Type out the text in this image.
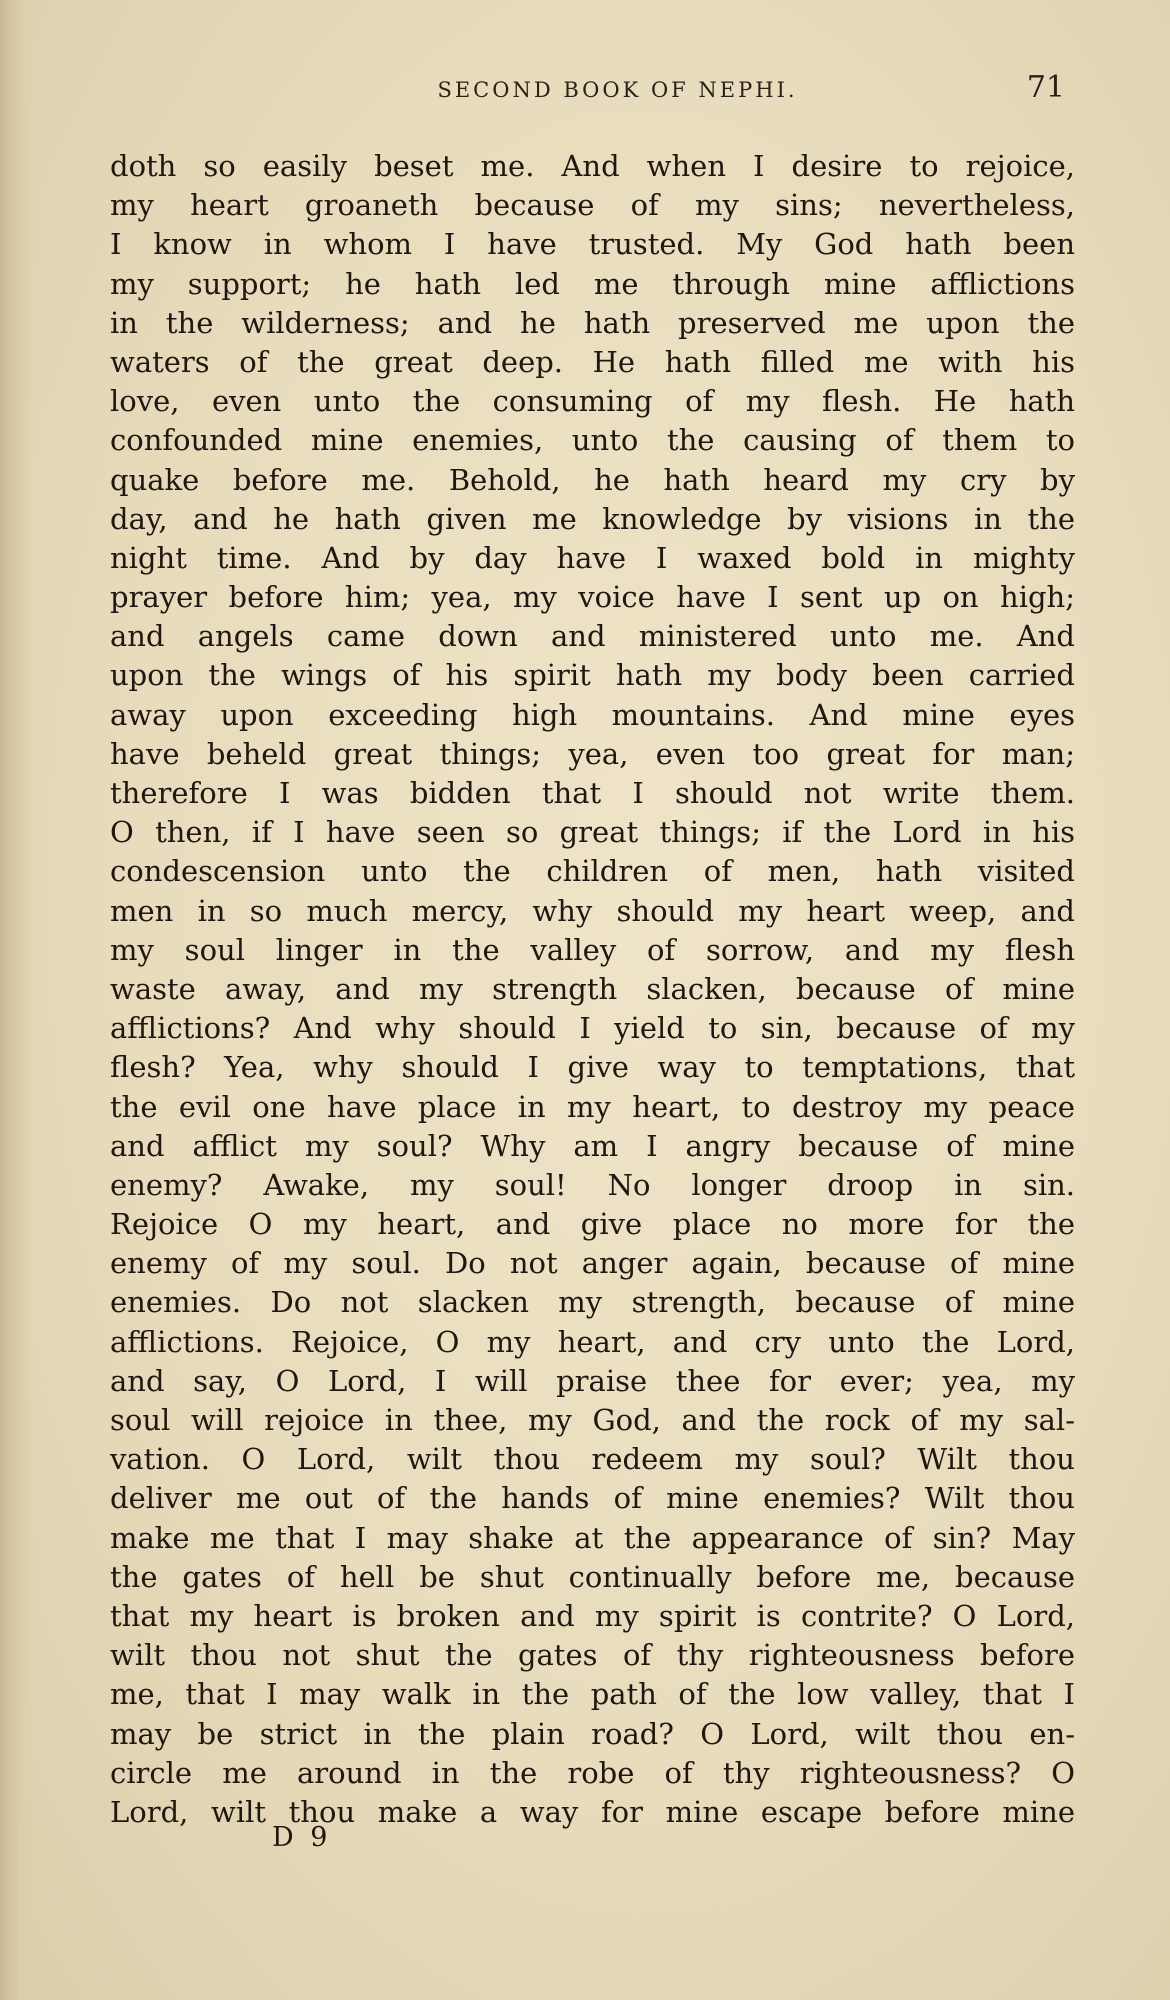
SECOND BOOK OF NEPHI.	71
doth so easily beset me. And when I desire to rejoice,
my heart groaneth because of my sins; nevertheless,
I know in whom I have trusted. My God hath been
my support; he hath led me through mine afflictions
in the wilderness; and he hath preserved me upon the
waters of the great deep. He hath filled me with his
love, even unto the consuming of my flesh. He hath
confounded mine enemies, unto the causing of them to
quake before me. Behold, he hath heard my cry by
day, and he hath given me knowledge by visions in the
night time. And by day have I waxed bold in mighty
prayer before him; yea, my voice have I sent up on high;
and angels came down and ministered unto me. And
upon the wings of his spirit hath my body been carried
away upon exceeding high mountains. And mine eyes
have beheld great things; yea, even too great for man;
therefore I was bidden that I should not write them.
O then, if I have seen so great things; if the Lord in his
condescension unto the children of men, hath visited
men in so much mercy, why should my heart weep, and
my soul linger in the valley of sorrow, and my flesh
waste away, and my strength slacken, because of mine
afflictions? And why should I yield to sin, because of my
flesh? Yea, why should I give way to temptations, that
the evil one have place in my heart, to destroy my peace
and afflict my soul? Why am I angry because of mine
enemy? Awake, my soul! No longer droop in sin.
Rejoice O my heart, and give place no more for the
enemy of my soul. Do not anger again, because of mine
enemies. Do not slacken my strength, because of mine
afflictions. Rejoice, O my heart, and cry unto the Lord,
and say, O Lord, I will praise thee for ever; yea, my
soul will rejoice in thee, my God, and the rock of my sal-
vation. O Lord, wilt thou redeem my soul? Wilt thou
deliver me out of the hands of mine enemies? Wilt thou
make me that I may shake at the appearance of sin? May
the gates of hell be shut continually before me, because
that my heart is broken and my spirit is contrite? O Lord,
wilt thou not shut the gates of thy righteousness before
me, that I may walk in the path of the low valley, that I
may be strict in the plain road? O Lord, wilt thou en-
circle me around in the robe of thy righteousness? O
Lord, wilt thou make a way for mine escape before mine
D 9
